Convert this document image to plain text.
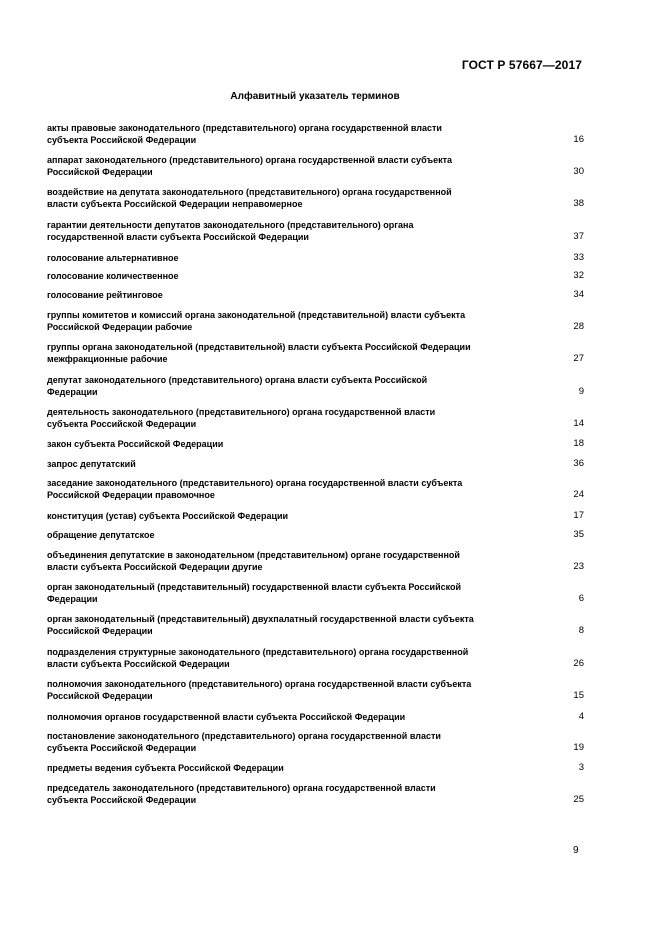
ГОСТ Р 57667—2017
Алфавитный указатель терминов
акты правовые законодательного (представительного) органа государственной власти
субъекта Российской Федерации	16
аппарат законодательного (представительного) органа государственной власти субъекта
Российской Федерации	30
воздействие на депутата законодательного (представительного) органа государственной
власти субъекта Российской Федерации неправомерное	38
гарантии деятельности депутатов законодательного (представительного) органа
государственной власти субъекта Российской Федерации	37
голосование альтернативное	33
голосование количественное	32
голосование рейтинговое	34
группы комитетов и комиссий органа законодательной (представительной) власти субъекта
Российской Федерации рабочие	28
группы органа законодательной (представительной) власти субъекта Российской Федерации
межфракционные рабочие	27
депутат законодательного (представительного) органа власти субъекта Российской
Федерации	9
деятельность законодательного (представительного) органа государственной власти
субъекта Российской Федерации	14
закон субъекта Российской Федерации	18
запрос депутатский	36
заседание законодательного (представительного) органа государственной власти субъекта
Российской Федерации правомочное	24
конституция (устав) субъекта Российской Федерации	17
обращение депутатское	35
объединения депутатские в законодательном (представительном) органе государственной
власти субъекта Российской Федерации другие	23
орган законодательный (представительный) государственной власти субъекта Российской
Федерации	6
орган законодательный (представительный) двухпалатный государственной власти субъекта
Российской Федерации	8
подразделения структурные законодательного (представительного) органа государственной
власти субъекта Российской Федерации	26
полномочия законодательного (представительного) органа государственной власти субъекта
Российской Федерации	15
полномочия органов государственной власти субъекта Российской Федерации	4
постановление законодательного (представительного) органа государственной власти
субъекта Российской Федерации	19
предметы ведения субъекта Российской Федерации	3
председатель законодательного (представительного) органа государственной власти
субъекта Российской Федерации	25
9
